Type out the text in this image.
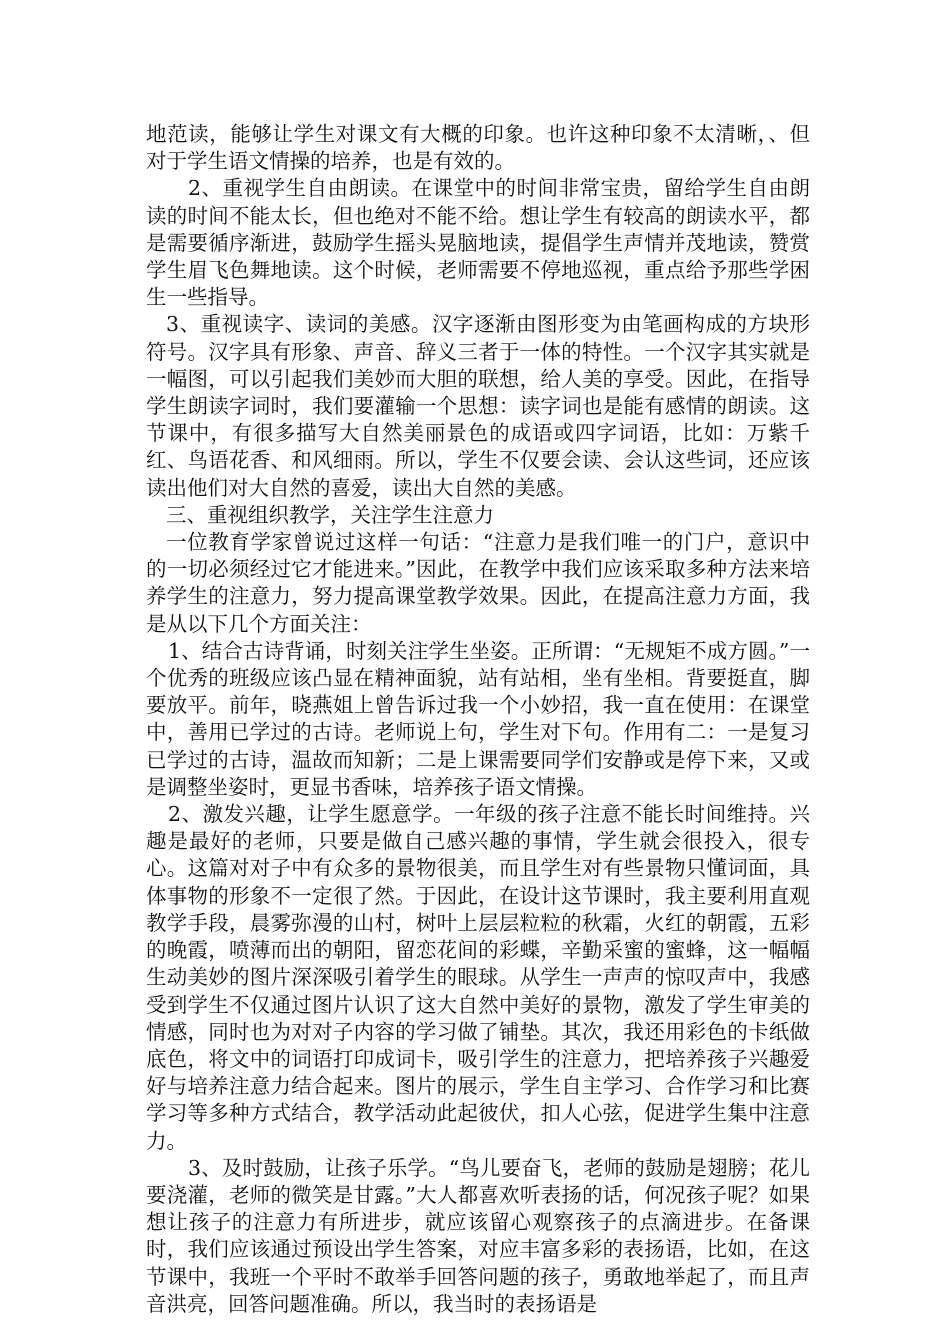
地范读，能够让学生对课文有大概的印象。也许这种印象不太清晰，、但对于学生语文情操的培养，也是有效的。

2、重视学生自由朗读。在课堂中的时间非常宝贵，留给学生自由朗读的时间不能太长，但也绝对不能不给。想让学生有较高的朗读水平，都是需要循序渐进，鼓励学生摇头晃脑地读，提倡学生声情并茂地读，赞赏学生眉飞色舞地读。这个时候，老师需要不停地巡视，重点给予那些学困生一些指导。

3、重视读字、读词的美感。汉字逐渐由图形变为由笔画构成的方块形符号。汉字具有形象、声音、辞义三者于一体的特性。一个汉字其实就是一幅图，可以引起我们美妙而大胆的联想，给人美的享受。因此，在指导学生朗读字词时，我们要灌输一个思想：读字词也是能有感情的朗读。这节课中，有很多描写大自然美丽景色的成语或四字词语，比如：万紫千红、鸟语花香、和风细雨。所以，学生不仅要会读、会认这些词，还应该读出他们对大自然的喜爱，读出大自然的美感。

三、重视组织教学，关注学生注意力

一位教育学家曾说过这样一句话：“注意力是我们唯一的门户，意识中的一切必须经过它才能进来。”因此，在教学中我们应该采取多种方法来培养学生的注意力，努力提高课堂教学效果。因此，在提高注意力方面，我是从以下几个方面关注：

1、结合古诗背诵，时刻关注学生坐姿。正所谓：“无规矩不成方圆。”一个优秀的班级应该凸显在精神面貌，站有站相，坐有坐相。背要挺直，脚要放平。前年，晓燕姐上曾告诉过我一个小妙招，我一直在使用：在课堂中，善用已学过的古诗。老师说上句，学生对下句。作用有二：一是复习已学过的古诗，温故而知新；二是上课需要同学们安静或是停下来，又或是调整坐姿时，更显书香味，培养孩子语文情操。

2、激发兴趣，让学生愿意学。一年级的孩子注意不能长时间维持。兴趣是最好的老师，只要是做自己感兴趣的事情，学生就会很投入，很专心。这篇对对子中有众多的景物很美，而且学生对有些景物只懂词面，具体事物的形象不一定很了然。于因此，在设计这节课时，我主要利用直观教学手段，晨雾弥漫的山村，树叶上层层粒粒的秋霜，火红的朝霞，五彩的晚霞，喷薄而出的朝阳，留恋花间的彩蝶，辛勤采蜜的蜜蜂，这一幅幅生动美妙的图片深深吸引着学生的眼球。从学生一声声的惊叹声中，我感受到学生不仅通过图片认识了这大自然中美好的景物，激发了学生审美的情感，同时也为对对子内容的学习做了铺垫。其次，我还用彩色的卡纸做底色，将文中的词语打印成词卡，吸引学生的注意力，把培养孩子兴趣爱好与培养注意力结合起来。图片的展示，学生自主学习、合作学习和比赛学习等多种方式结合，教学活动此起彼伏，扣人心弦，促进学生集中注意力。

3、及时鼓励，让孩子乐学。“鸟儿要奋飞，老师的鼓励是翅膀；花儿要浇灌，老师的微笑是甘露。”大人都喜欢听表扬的话，何况孩子呢？如果想让孩子的注意力有所进步，就应该留心观察孩子的点滴进步。在备课时，我们应该通过预设出学生答案，对应丰富多彩的表扬语，比如，在这节课中，我班一个平时不敢举手回答问题的孩子，勇敢地举起了，而且声音洪亮，回答问题准确。所以，我当时的表扬语是
